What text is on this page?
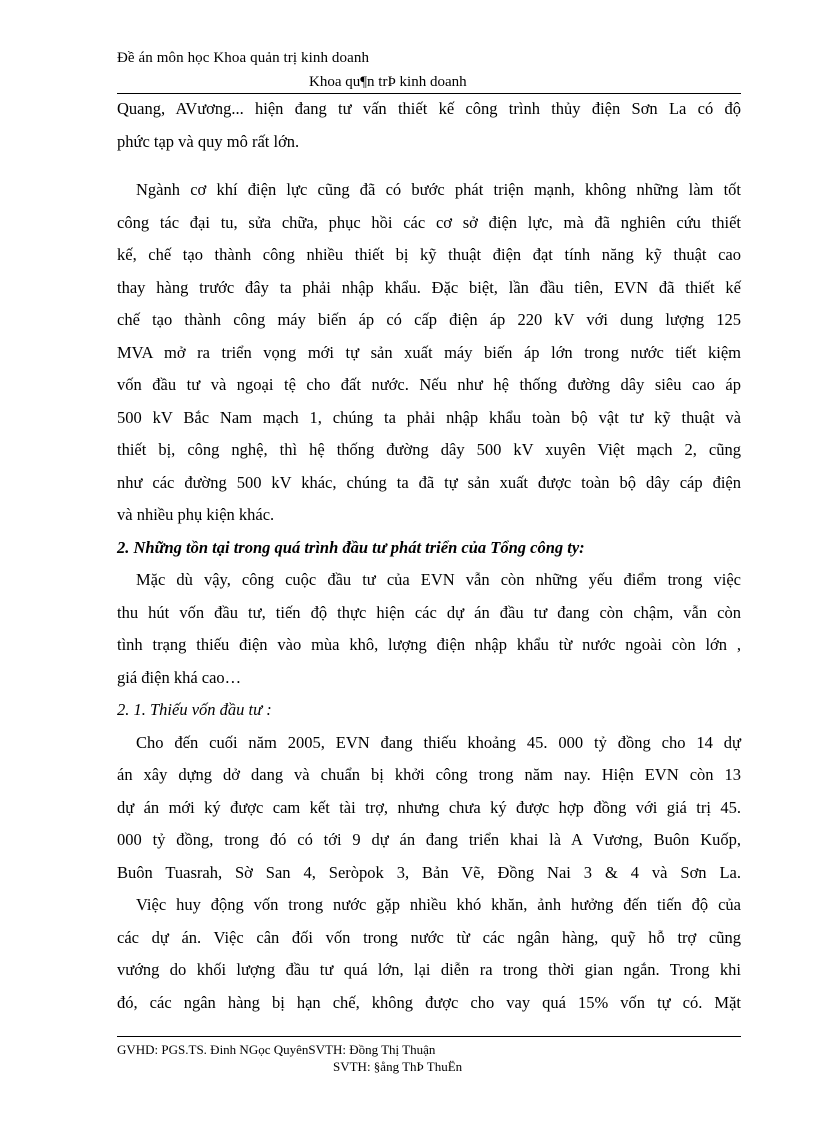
Đề án môn học Khoa quản trị kinh doanh
Khoa qu¶n trÞ kinh doanh
Quang, AVương... hiện đang tư vấn thiết kế công trình thủy điện Sơn La có độ
phức tạp và quy mô rất lớn.
Ngành cơ khí điện lực cũng đã có bước phát triện mạnh, không những làm tốt
công tác đại tu, sửa chữa, phục hồi các cơ sở điện lực, mà đã nghiên cứu thiết
kế, chế tạo thành công nhiều thiết bị kỹ thuật điện đạt tính năng kỹ thuật cao
thay hàng trước đây ta phải nhập khẩu. Đặc biệt, lần đầu tiên, EVN đã thiết kế
chế tạo thành công máy biến áp có cấp điện áp 220 kV với dung lượng 125
MVA mở ra triển vọng mới tự sản xuất máy biến áp lớn trong nước tiết kiệm
vốn đầu tư và ngoại tệ cho đất nước. Nếu như hệ thống đường dây siêu cao áp
500 kV Bắc Nam mạch 1, chúng ta phải nhập khẩu toàn bộ vật tư kỹ thuật và
thiết bị, công nghệ, thì hệ thống đường dây 500 kV xuyên Việt mạch 2, cũng
như các đường 500 kV khác, chúng ta đã tự sản xuất được toàn bộ dây cáp điện
và nhiều phụ kiện khác.
2. Những tồn tại trong quá trình đầu tư phát triển của Tổng công ty:
Mặc dù vậy, công cuộc đầu tư của EVN vẫn còn những yếu điểm trong việc
thu hút vốn đầu tư, tiến độ thực hiện các dự án đầu tư đang còn chậm, vẫn còn
tình trạng thiếu điện vào mùa khô, lượng điện nhập khẩu từ nước ngoài còn lớn ,
giá điện khá cao…
2. 1. Thiếu vốn đầu tư :
Cho đến cuối năm 2005, EVN đang thiếu khoảng 45. 000 tỷ đồng cho 14 dự
án xây dựng dở dang và chuẩn bị khởi công trong năm nay. Hiện EVN còn 13
dự án mới ký được cam kết tài trợ, nhưng chưa ký được hợp đồng với giá trị 45.
000 tỷ đồng, trong đó có tới 9 dự án đang triển khai là A Vương, Buôn Kuốp,
Buôn Tuasrah, Sờ San 4, Seròpok 3, Bản Vẽ, Đồng Nai 3 & 4 và Sơn La.
Việc huy động vốn trong nước gặp nhiều khó khăn, ảnh hưởng đến tiến độ của
các dự án. Việc cân đối vốn trong nước từ các ngân hàng, quỹ hỗ trợ cũng
vướng do khối lượng đầu tư quá lớn, lại diễn ra trong thời gian ngắn. Trong khi
đó, các ngân hàng bị hạn chế, không được cho vay quá 15% vốn tự có. Mặt
GVHD: PGS.TS. Đinh NGọc QuyênSVTH: Đồng Thị Thuận
SVTH: §ång ThÞ ThuËn
